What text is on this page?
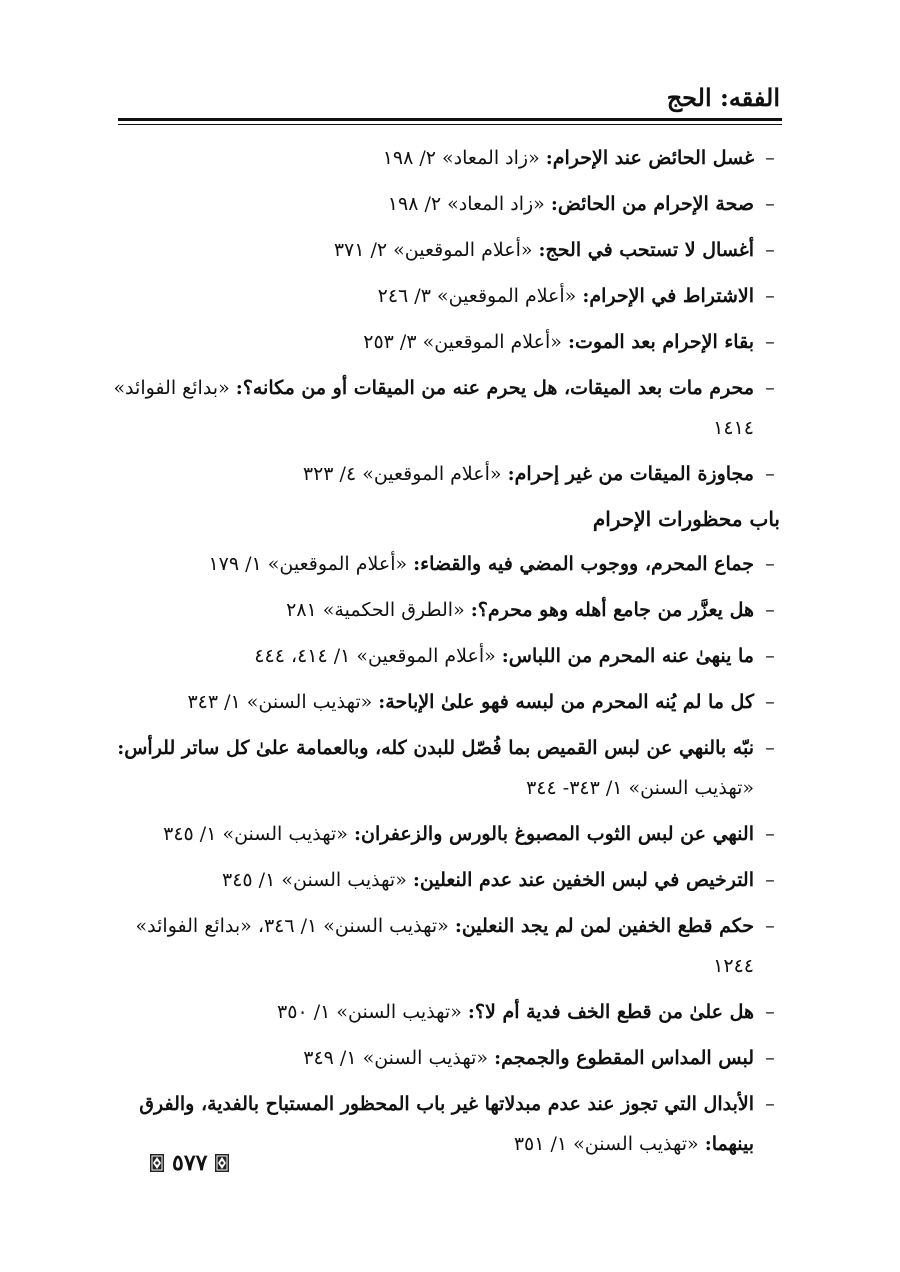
الفقه: الحج
–
غسل الحائض عند الإحرام: «زاد المعاد» ٢/ ١٩٨
–
صحة الإحرام من الحائض: «زاد المعاد» ٢/ ١٩٨
–
أغسال لا تستحب في الحج: «أعلام الموقعين» ٢/ ٣٧١
–
الاشتراط في الإحرام: «أعلام الموقعين» ٣/ ٢٤٦
–
بقاء الإحرام بعد الموت: «أعلام الموقعين» ٣/ ٢٥٣
–
محرم مات بعد الميقات، هل يحرم عنه من الميقات أو من مكانه؟: «بدائع الفوائد» ١٤١٤
–
مجاوزة الميقات من غير إحرام: «أعلام الموقعين» ٤/ ٣٢٣
باب محظورات الإحرام
–
جماع المحرم، ووجوب المضي فيه والقضاء: «أعلام الموقعين» ١/ ١٧٩
–
هل يعزَّر من جامع أهله وهو محرم؟: «الطرق الحكمية» ٢٨١
–
ما ينهىٰ عنه المحرم من اللباس: «أعلام الموقعين» ١/ ٤١٤، ٤٤٤
–
كل ما لم يُنه المحرم من لبسه فهو علىٰ الإباحة: «تهذيب السنن» ١/ ٣٤٣
–
نبّه بالنهي عن لبس القميص بما فُصّل للبدن كله، وبالعمامة علىٰ كل ساتر للرأس: «تهذيب السنن» ١/ ٣٤٣- ٣٤٤
–
النهي عن لبس الثوب المصبوغ بالورس والزعفران: «تهذيب السنن» ١/ ٣٤٥
–
الترخيص في لبس الخفين عند عدم النعلين: «تهذيب السنن» ١/ ٣٤٥
–
حكم قطع الخفين لمن لم يجد النعلين: «تهذيب السنن» ١/ ٣٤٦، «بدائع الفوائد» ١٢٤٤
–
هل علىٰ من قطع الخف فدية أم لا؟: «تهذيب السنن» ١/ ٣٥٠
–
لبس المداس المقطوع والجمجم: «تهذيب السنن» ١/ ٣٤٩
–
الأبدال التي تجوز عند عدم مبدلاتها غير باب المحظور المستباح بالفدية، والفرق بينهما: «تهذيب السنن» ١/ ٣٥١
٥٧٧
